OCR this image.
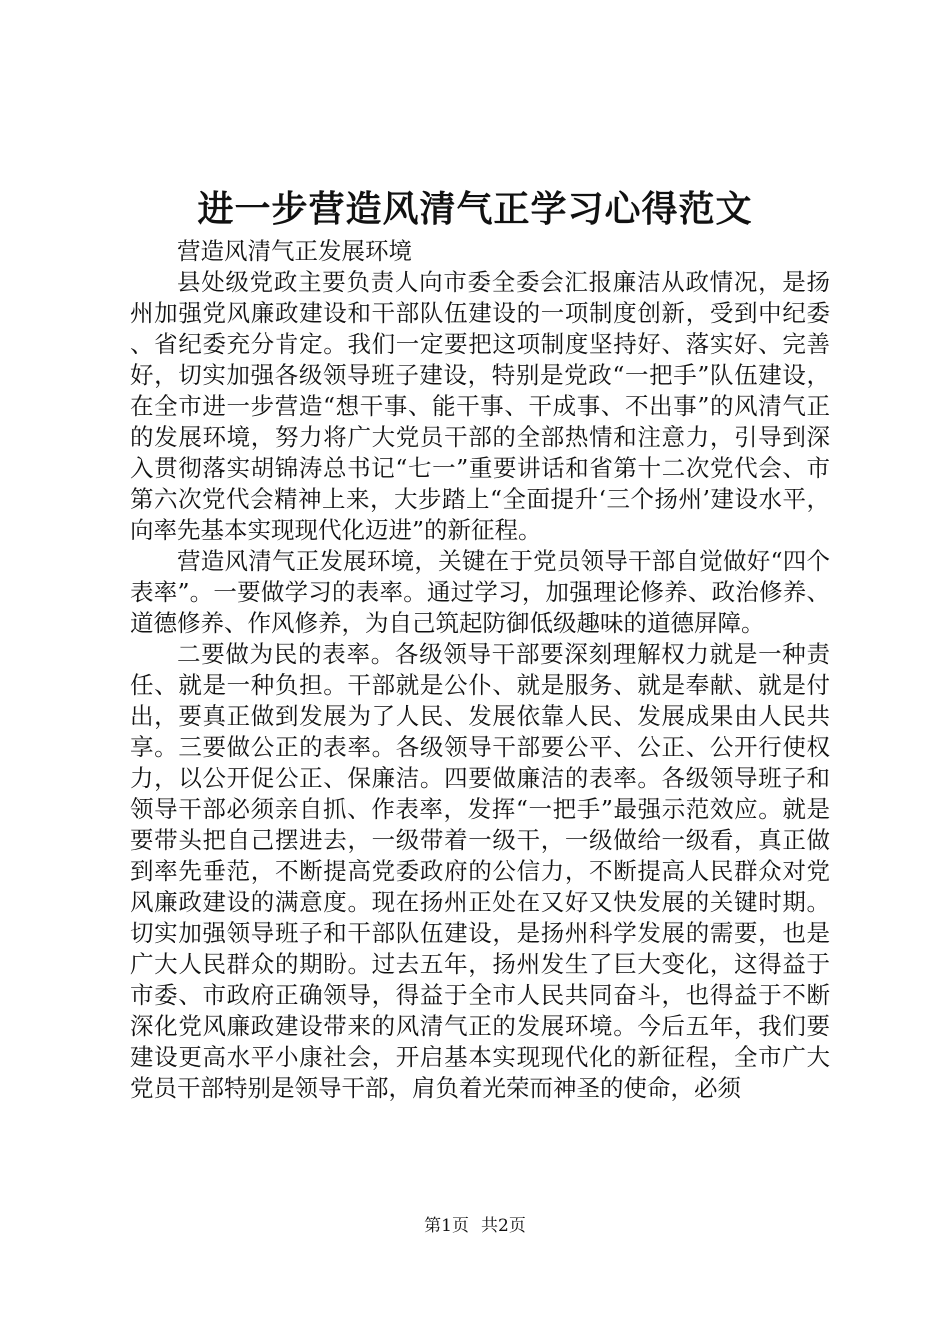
进一步营造风清气正学习心得范文

营造风清气正发展环境

县处级党政主要负责人向市委全委会汇报廉洁从政情况，是扬州加强党风廉政建设和干部队伍建设的一项制度创新，受到中纪委、省纪委充分肯定。我们一定要把这项制度坚持好、落实好、完善好，切实加强各级领导班子建设，特别是党政“一把手”队伍建设，在全市进一步营造“想干事、能干事、干成事、不出事”的风清气正的发展环境，努力将广大党员干部的全部热情和注意力，引导到深入贯彻落实胡锦涛总书记“七一”重要讲话和省第十二次党代会、市第六次党代会精神上来，大步踏上“全面提升‘三个扬州’建设水平，向率先基本实现现代化迈进”的新征程。

营造风清气正发展环境，关键在于党员领导干部自觉做好“四个表率”。一要做学习的表率。通过学习，加强理论修养、政治修养、道德修养、作风修养，为自己筑起防御低级趣味的道德屏障。

二要做为民的表率。各级领导干部要深刻理解权力就是一种责任、就是一种负担。干部就是公仆、就是服务、就是奉献、就是付出，要真正做到发展为了人民、发展依靠人民、发展成果由人民共享。三要做公正的表率。各级领导干部要公平、公正、公开行使权力，以公开促公正、保廉洁。四要做廉洁的表率。各级领导班子和领导干部必须亲自抓、作表率，发挥“一把手”最强示范效应。就是要带头把自己摆进去，一级带着一级干，一级做给一级看，真正做到率先垂范，不断提高党委政府的公信力，不断提高人民群众对党风廉政建设的满意度。现在扬州正处在又好又快发展的关键时期。切实加强领导班子和干部队伍建设，是扬州科学发展的需要，也是广大人民群众的期盼。过去五年，扬州发生了巨大变化，这得益于市委、市政府正确领导，得益于全市人民共同奋斗，也得益于不断深化党风廉政建设带来的风清气正的发展环境。今后五年，我们要建设更高水平小康社会，开启基本实现现代化的新征程，全市广大党员干部特别是领导干部，肩负着光荣而神圣的使命，必须

第1页 共2页
